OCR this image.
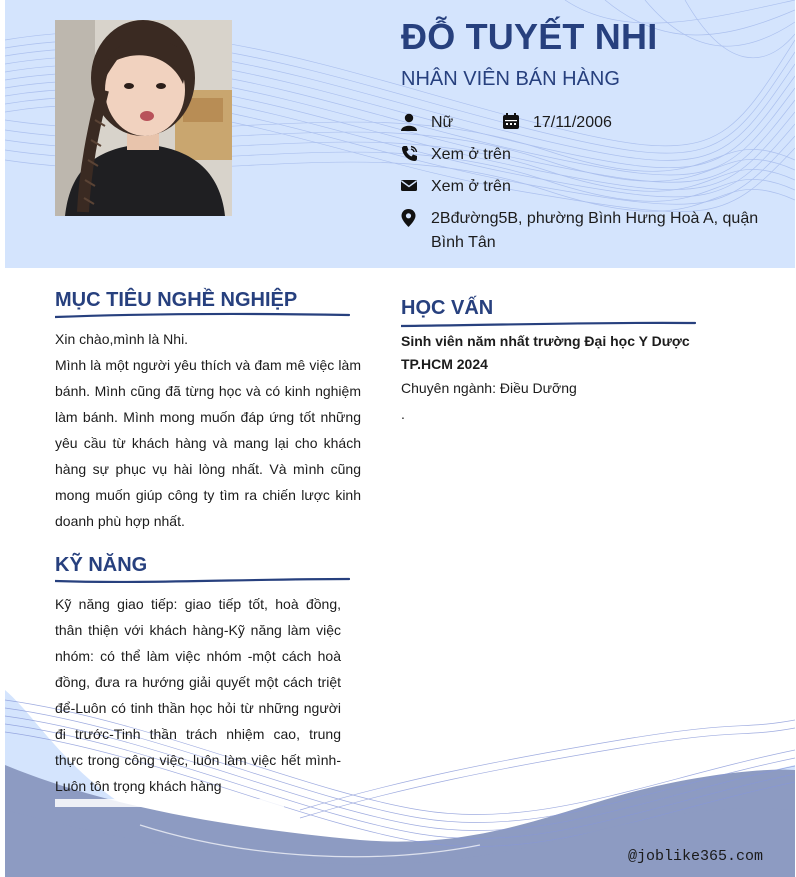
ĐỖ TUYẾT NHI

NHÂN VIÊN BÁN HÀNG

Nữ	17/11/2006
Xem ở trên
Xem ở trên
2Bđường5B, phường Bình Hưng Hoà A, quận Bình Tân
MỤC TIÊU NGHỀ NGHIỆP

Xin chào,mình là Nhi.

Mình là một người yêu thích và đam mê việc làm bánh. Mình cũng đã từng học và có kinh nghiệm làm bánh. Mình mong muốn đáp ứng tốt những yêu cầu từ khách hàng và mang lại cho khách hàng sự phục vụ hài lòng nhất. Và mình cũng mong muốn giúp công ty tìm ra chiến lược kinh doanh phù hợp nhất.

KỸ NĂNG
HỌC VẤN

Sinh viên năm nhất trường Đại học Y Dược TP.HCM 2024

Chuyên ngành: Điều Dưỡng

.

Kỹ năng giao tiếp: giao tiếp tốt, hoà đồng, thân thiện với khách hàng-Kỹ năng làm việc nhóm: có thể làm việc nhóm -một cách hoà đồng, đưa ra hướng giải quyết một cách triệt để-Luôn có tinh thần học hỏi từ những người đi trước-Tinh thần trách nhiệm cao, trung thực trong công việc, luôn làm việc hết mình-Luôn tôn trọng khách hàng

@joblike365.com
